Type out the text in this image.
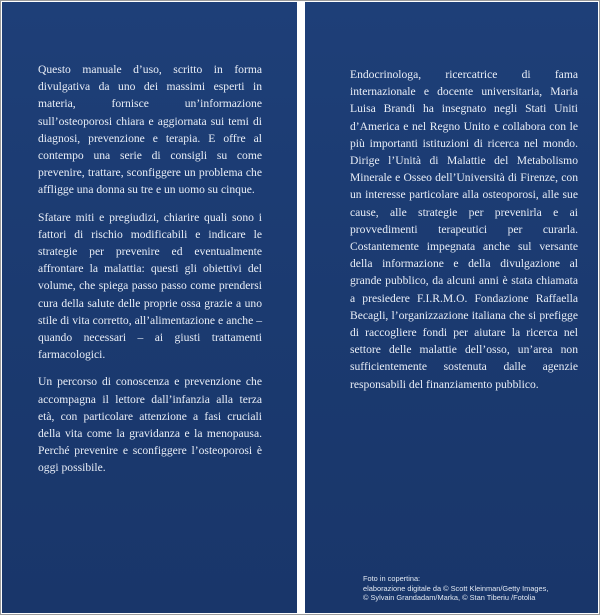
Questo manuale d’uso, scritto in forma divulgativa da uno dei massimi esperti in materia, fornisce un’informazione sull’osteoporosi chiara e aggiornata sui temi di diagnosi, prevenzione e terapia. E offre al contempo una serie di consigli su come prevenire, trattare, sconfiggere un problema che affligge una donna su tre e un uomo su cinque.

Sfatare miti e pregiudizi, chiarire quali sono i fattori di rischio modificabili e indicare le strategie per prevenire ed eventualmente affrontare la malattia: questi gli obiettivi del volume, che spiega passo passo come prendersi cura della salute delle proprie ossa grazie a uno stile di vita corretto, all’alimentazione e anche – quando necessari – ai giusti trattamenti farmacologici.

Un percorso di conoscenza e prevenzione che accompagna il lettore dall’infanzia alla terza età, con particolare attenzione a fasi cruciali della vita come la gravidanza e la menopausa. Perché prevenire e sconfiggere l’osteoporosi è oggi possibile.

Endocrinologa, ricercatrice di fama internazionale e docente universitaria, Maria Luisa Brandi ha insegnato negli Stati Uniti d’America e nel Regno Unito e collabora con le più importanti istituzioni di ricerca nel mondo. Dirige l’Unità di Malattie del Metabolismo Minerale e Osseo dell’Università di Firenze, con un interesse particolare alla osteoporosi, alle sue cause, alle strategie per prevenirla e ai provvedimenti terapeutici per curarla. Costantemente impegnata anche sul versante della informazione e della divulgazione al grande pubblico, da alcuni anni è stata chiamata a presiedere F.I.R.M.O. Fondazione Raffaella Becagli, l’organizzazione italiana che si prefigge di raccogliere fondi per aiutare la ricerca nel settore delle malattie dell’osso, un’area non sufficientemente sostenuta dalle agenzie responsabili del finanziamento pubblico.

Foto in copertina:
elaborazione digitale da © Scott Kleinman/Getty Images,
© Sylvain Grandadam/Marka, © Stan Tiberiu /Fotolia
